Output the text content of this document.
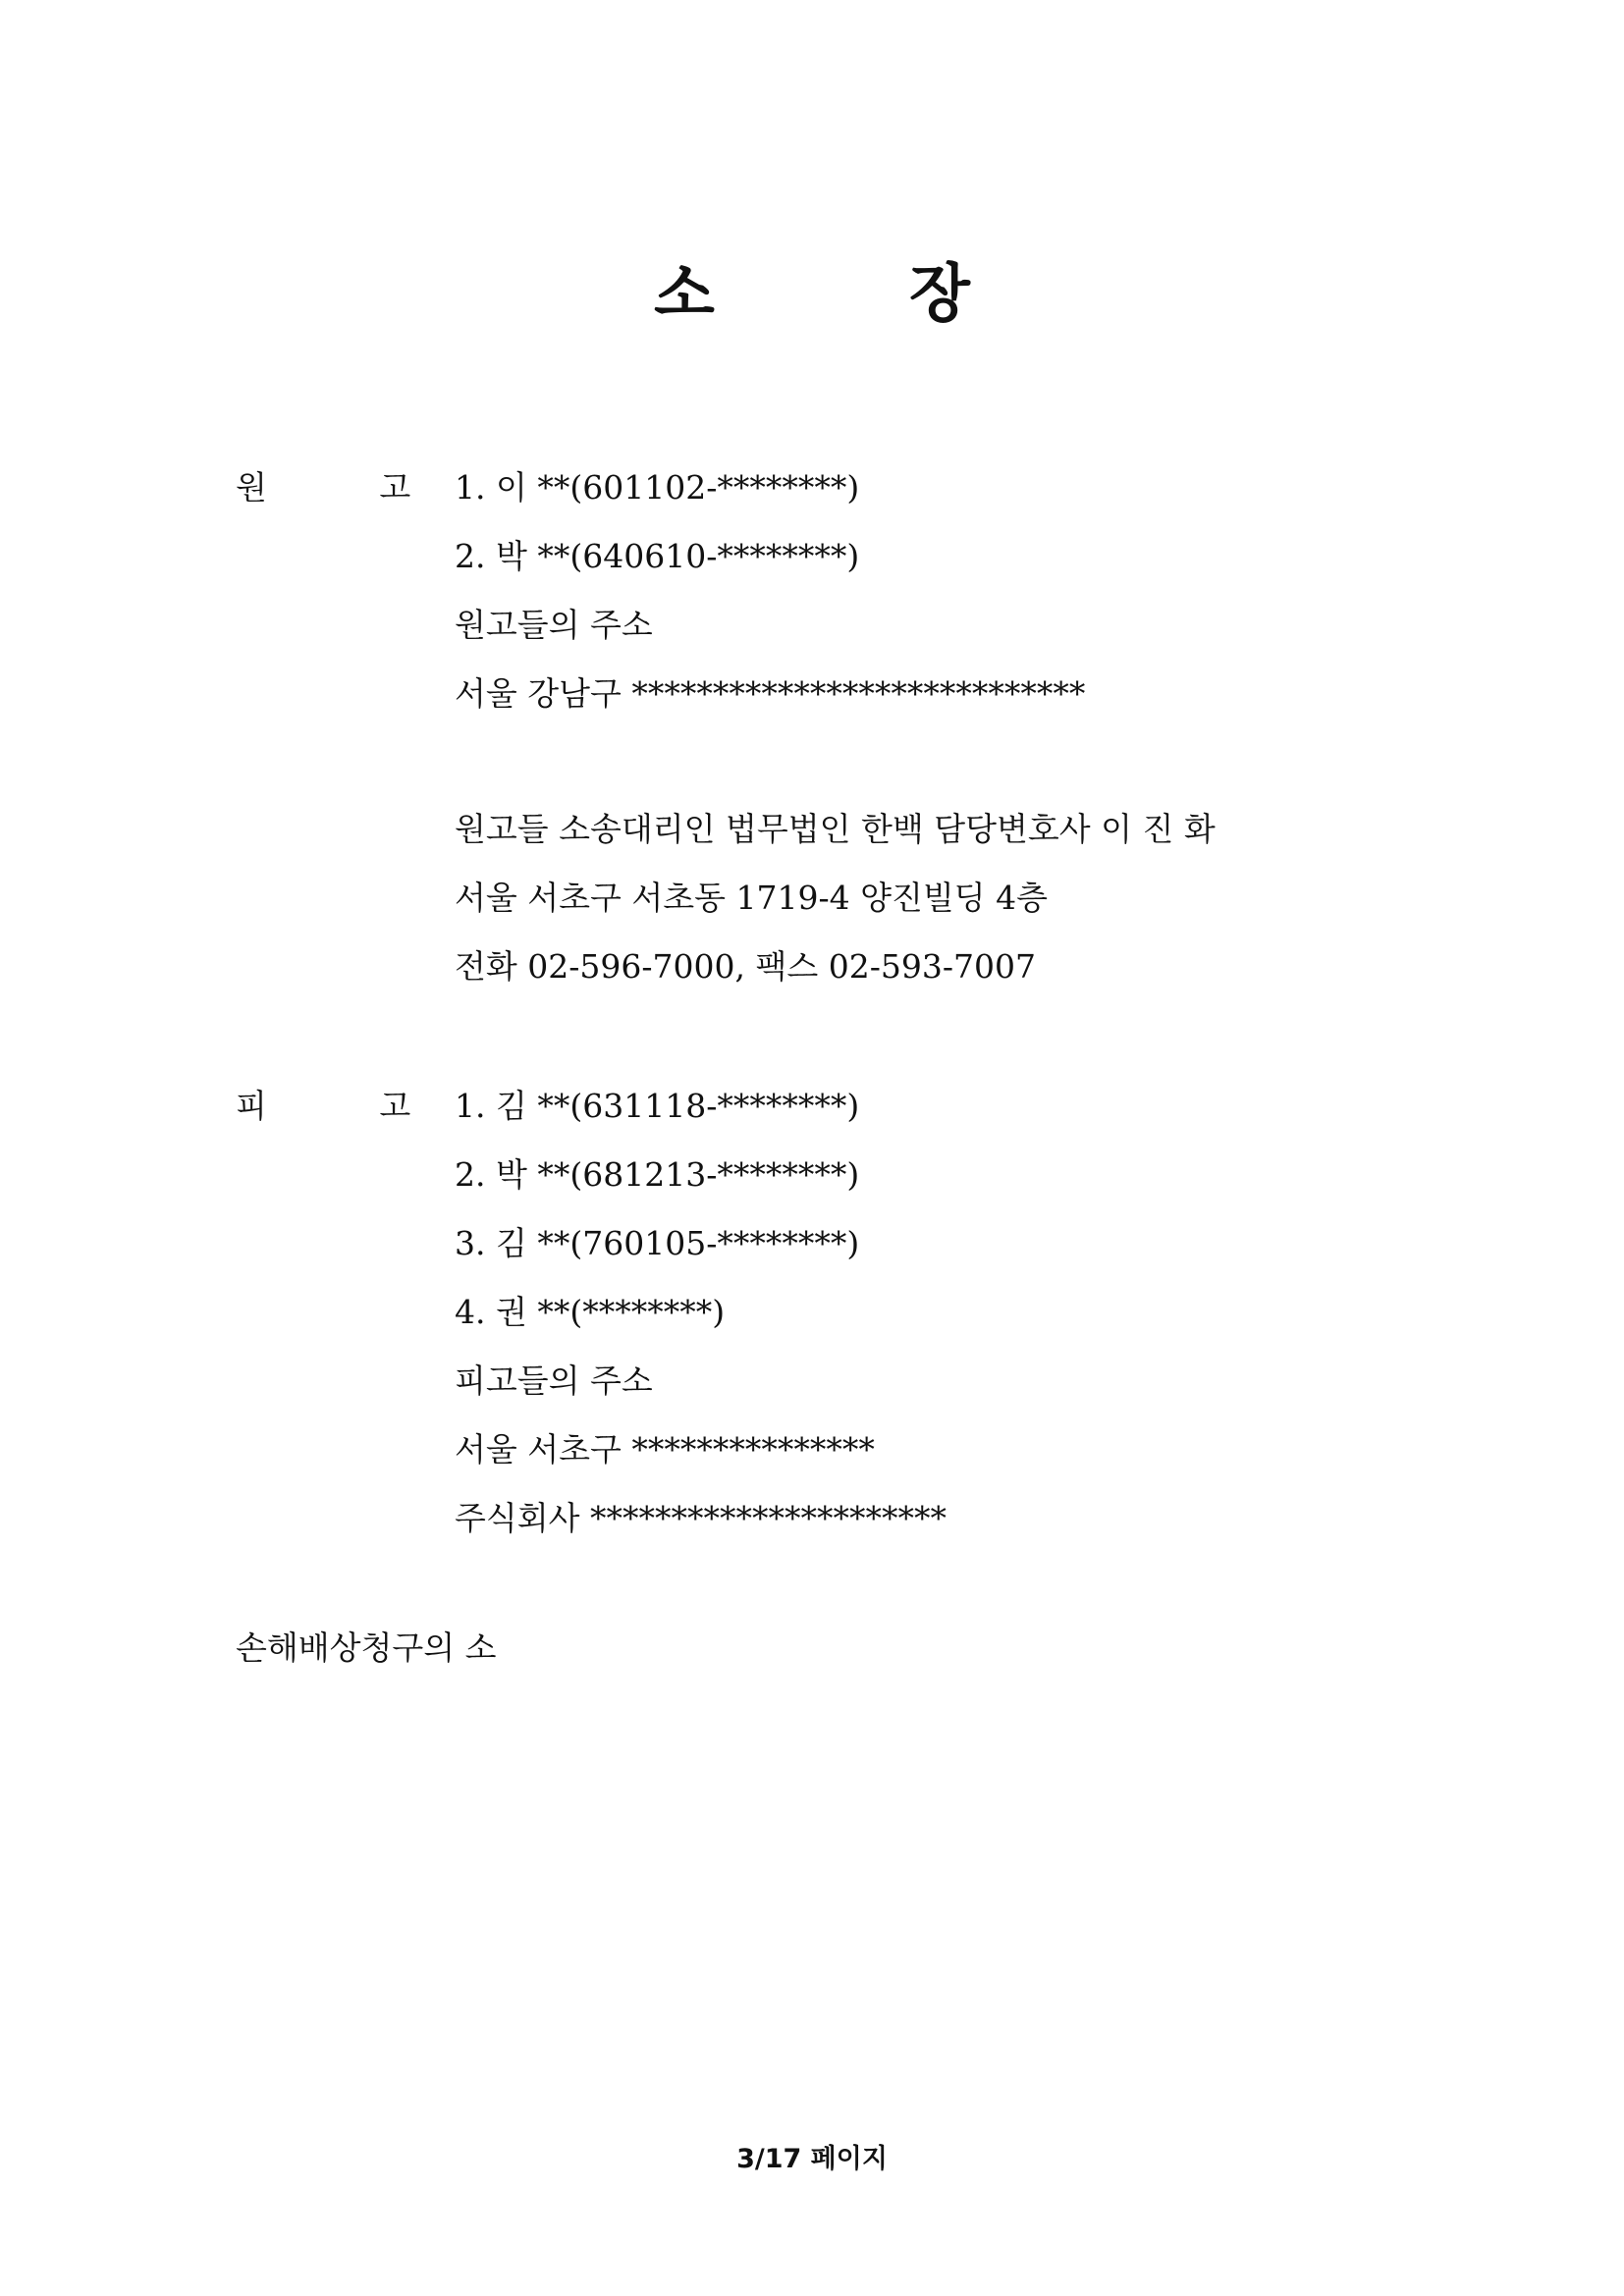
소 장
원 고
1. 이 **(601102-********)
2. 박 **(640610-********)
원고들의 주소
서울 강남구 ****************************
원고들 소송대리인 법무법인 한백 담당변호사 이 진 화
서울 서초구 서초동 1719-4 양진빌딩 4층
전화 02-596-7000, 팩스 02-593-7007
피 고
1. 김 **(631118-********)
2. 박 **(681213-********)
3. 김 **(760105-********)
4. 권 **(********)
피고들의 주소
서울 서초구 ***************
주식회사 **********************
손해배상청구의 소
3/17 페이지
